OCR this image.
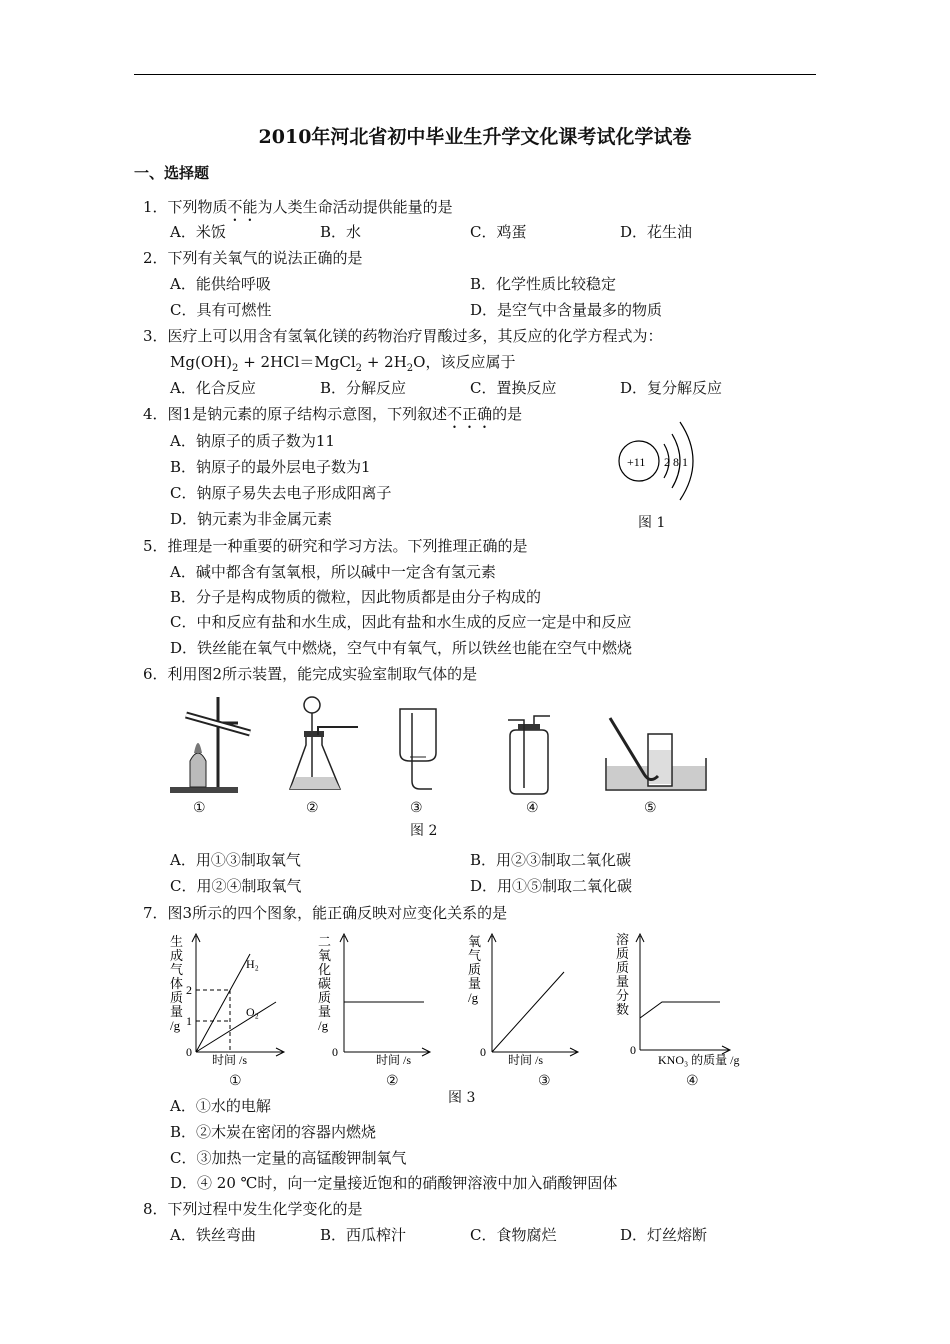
2010年河北省初中毕业生升学文化课考试化学试卷
一、选择题
1．下列物质不能为人类生命活动提供能量的是
A．米饭	B．水	C．鸡蛋	D．花生油
2．下列有关氧气的说法正确的是
A．能供给呼吸	B．化学性质比较稳定
C．具有可燃性	D．是空气中含量最多的物质
3．医疗上可以用含有氢氧化镁的药物治疗胃酸过多，其反应的化学方程式为：
$Mg(OH)_2$ + 2HCl＝MgCl$_2$ + $2H_2O$，该反应属于
A．化合反应	B．分解反应	C．置换反应	D．复分解反应
4．图1是钠元素的原子结构示意图，下列叙述不正确的是
A．钠原子的质子数为11
B．钠原子的最外层电子数为1
C．钠原子易失去电子形成阳离子
D．钠元素为非金属元素
+11 2 8 1
图 1
5．推理是一种重要的研究和学习方法。下列推理正确的是
A．碱中都含有氢氧根，所以碱中一定含有氢元素
B．分子是构成物质的微粒，因此物质都是由分子构成的
C．中和反应有盐和水生成，因此有盐和水生成的反应一定是中和反应
D．铁丝能在氧气中燃烧，空气中有氧气，所以铁丝也能在空气中燃烧
6．利用图2所示装置，能完成实验室制取气体的是
①	②	③	④	⑤
图 2
A．用①③制取氧气	B．用②③制取二氧化碳
C．用②④制取氧气	D．用①⑤制取二氧化碳
7．图3所示的四个图象，能正确反映对应变化关系的是
生
成
气
体
质
量
/g
2
1
H₂
O₂
0
时间 /s
①
二
氧
化
碳
质
量
/g
0
时间 /s
②
氧
气
质
量
/g
0
时间 /s
③
溶
质
质
量
分
数
0
KNO₃ 的质量 /g
④
图 3
A．①水的电解
B．②木炭在密闭的容器内燃烧
C．③加热一定量的高锰酸钾制氧气
D．④ 20 ℃时，向一定量接近饱和的硝酸钾溶液中加入硝酸钾固体
8．下列过程中发生化学变化的是
A．铁丝弯曲	B．西瓜榨汁	C．食物腐烂	D．灯丝熔断
